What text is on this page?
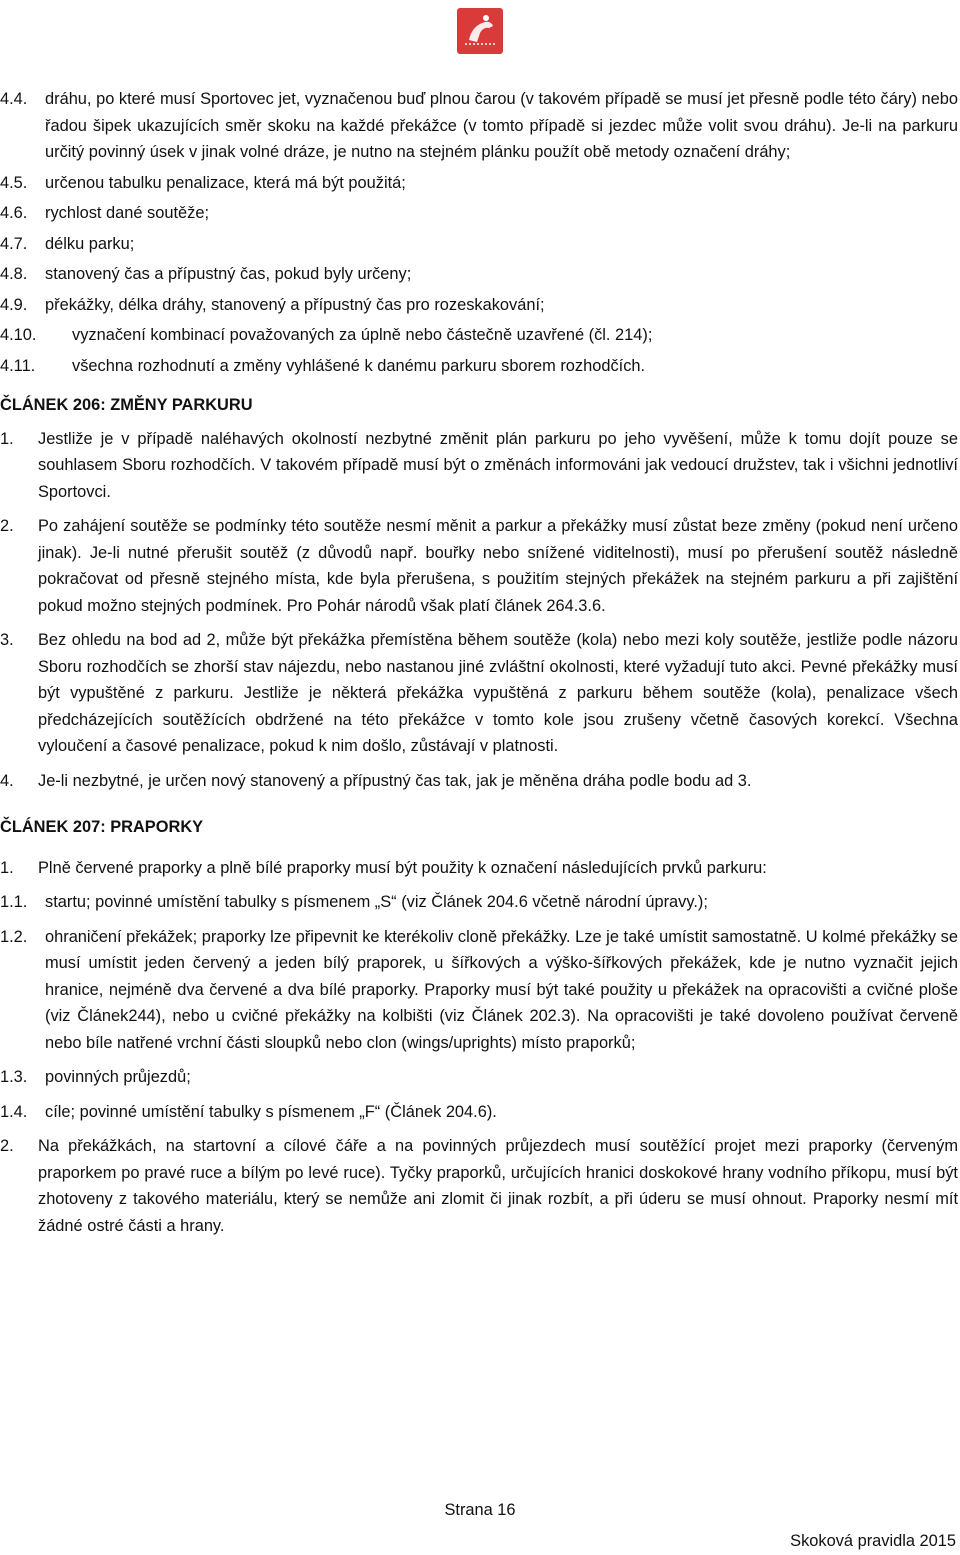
4.4.	dráhu, po které musí Sportovec jet, vyznačenou buď plnou čarou (v takovém případě se musí jet přesně podle této čáry) nebo řadou šipek ukazujících směr skoku na každé překážce (v tomto případě si jezdec může volit svou dráhu). Je-li na parkuru určitý povinný úsek v jinak volné dráze, je nutno na stejném plánku použít obě metody označení dráhy;
4.5.	určenou tabulku penalizace, která má být použitá;
4.6.	rychlost dané soutěže;
4.7.	délku parku;
4.8.	stanovený čas a přípustný čas, pokud byly určeny;
4.9.	překážky, délka dráhy, stanovený a přípustný čas pro rozeskakování;
4.10.	vyznačení kombinací považovaných za úplně nebo částečně uzavřené (čl. 214);
4.11.	všechna rozhodnutí a změny vyhlášené k danému parkuru sborem rozhodčích.
ČLÁNEK 206: ZMĚNY PARKURU
1.	Jestliže je v případě naléhavých okolností nezbytné změnit plán parkuru po jeho vyvěšení, může k tomu dojít pouze se souhlasem Sboru rozhodčích. V takovém případě musí být o změnách informováni jak vedoucí družstev, tak i všichni jednotliví Sportovci.
2.	Po zahájení soutěže se podmínky této soutěže nesmí měnit a parkur a překážky musí zůstat beze změny (pokud není určeno jinak). Je-li nutné přerušit soutěž (z důvodů např. bouřky nebo snížené viditelnosti), musí po přerušení soutěž následně pokračovat od přesně stejného místa, kde byla přerušena, s použitím stejných překážek na stejném parkuru a při zajištění pokud možno stejných podmínek. Pro Pohár národů však platí článek 264.3.6.
3.	Bez ohledu na bod ad 2, může být překážka přemístěna během soutěže (kola) nebo mezi koly soutěže, jestliže podle názoru Sboru rozhodčích se zhorší stav nájezdu, nebo nastanou jiné zvláštní okolnosti, které vyžadují tuto akci. Pevné překážky musí být vypuštěné z parkuru. Jestliže je některá překážka vypuštěná z parkuru během soutěže (kola), penalizace všech předcházejících soutěžících obdržené na této překážce v tomto kole jsou zrušeny včetně časových korekcí. Všechna vyloučení a časové penalizace, pokud k nim došlo, zůstávají v platnosti.
4.	Je-li nezbytné, je určen nový stanovený a přípustný čas tak, jak je měněna dráha podle bodu ad 3.
ČLÁNEK 207: PRAPORKY
1.	Plně červené praporky a plně bílé praporky musí být použity k označení následujících prvků parkuru:
1.1.	startu; povinné umístění tabulky s písmenem „S“ (viz Článek 204.6 včetně národní úpravy.);
1.2.	ohraničení překážek; praporky lze připevnit ke kterékoliv cloně překážky. Lze je také umístit samostatně. U kolmé překážky se musí umístit jeden červený a jeden bílý praporek, u šířkových a výško-šířkových překážek, kde je nutno vyznačit jejich hranice, nejméně dva červené a dva bílé praporky. Praporky musí být také použity u překážek na opracovišti a cvičné ploše (viz Článek244), nebo u cvičné překážky na kolbišti (viz Článek 202.3). Na opracovišti je také dovoleno používat červeně nebo bíle natřené vrchní části sloupků nebo clon (wings/uprights) místo praporků;
1.3.	povinných průjezdů;
1.4.	cíle; povinné umístění tabulky s písmenem „F“ (Článek 204.6).
2.	Na překážkách, na startovní a cílové čáře a na povinných průjezdech musí soutěžící projet mezi praporky (červeným praporkem po pravé ruce a bílým po levé ruce). Tyčky praporků, určujících hranici doskokové hrany vodního příkopu, musí být zhotoveny z takového materiálu, který se nemůže ani zlomit či jinak rozbít, a při úderu se musí ohnout. Praporky nesmí mít žádné ostré části a hrany.
Strana 16
Skoková pravidla 2015
